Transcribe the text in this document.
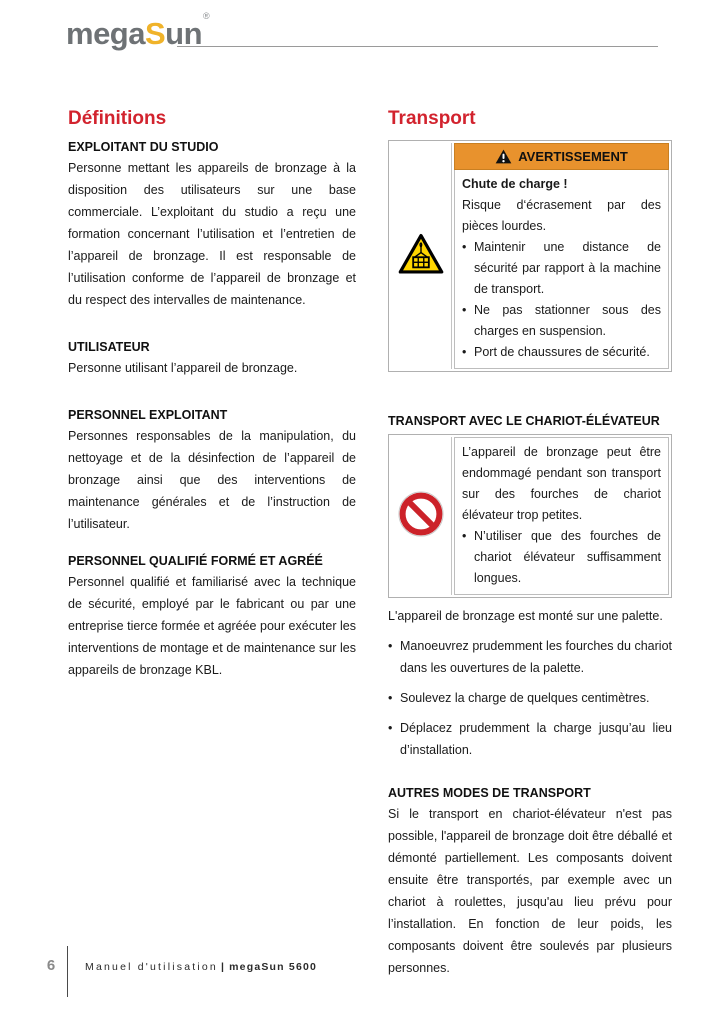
megaSun®
Définitions
EXPLOITANT DU STUDIO

Personne mettant les appareils de bronzage à la disposition des utilisateurs sur une base commerciale. L’exploitant du studio a reçu une formation concernant l’utilisation et l’entretien de l’appareil de bronzage. Il est responsable de l’utilisation conforme de l’appareil de bronzage et du respect des intervalles de maintenance.

UTILISATEUR

Personne utilisant l’appareil de bronzage.

PERSONNEL EXPLOITANT

Personnes responsables de la manipulation, du nettoyage et de la désinfection de l’appareil de bronzage ainsi que des interventions de maintenance générales et de l’instruction de l’utilisateur.

PERSONNEL QUALIFIÉ FORMÉ ET AGRÉÉ

Personnel qualifié et familiarisé avec la technique de sécurité, employé par le fabricant ou par une entreprise tierce formée et agréée pour exécuter les interventions de montage et de maintenance sur les appareils de bronzage KBL.

Transport
AVERTISSEMENT
Chute de charge !
Risque d‘écrasement par des pièces lourdes.
• Maintenir une distance de sécurité par rapport à la machine de transport.
• Ne pas stationner sous des charges en suspension.
• Port de chaussures de sécurité.
TRANSPORT AVEC LE CHARIOT-ÉLÉVATEUR
L’appareil de bronzage peut être endommagé pendant son transport sur des fourches de chariot élévateur trop petites.
• N’utiliser que des fourches de chariot élévateur suffisamment longues.
L'appareil de bronzage est monté sur une palette.
• Manoeuvrez prudemment les fourches du chariot dans les ouvertures de la palette.
• Soulevez la charge de quelques centimètres.
• Déplacez prudemment la charge jusqu’au lieu d’installation.
AUTRES MODES DE TRANSPORT

Si le transport en chariot-élévateur n'est pas possible, l'appareil de bronzage doit être déballé et démonté partiellement. Les composants doivent ensuite être transportés, par exemple avec un chariot à roulettes, jusqu'au lieu prévu pour l’installation. En fonction de leur poids, les composants doivent être soulevés par plusieurs personnes.

6	Manuel d'utilisation | megaSun 5600
